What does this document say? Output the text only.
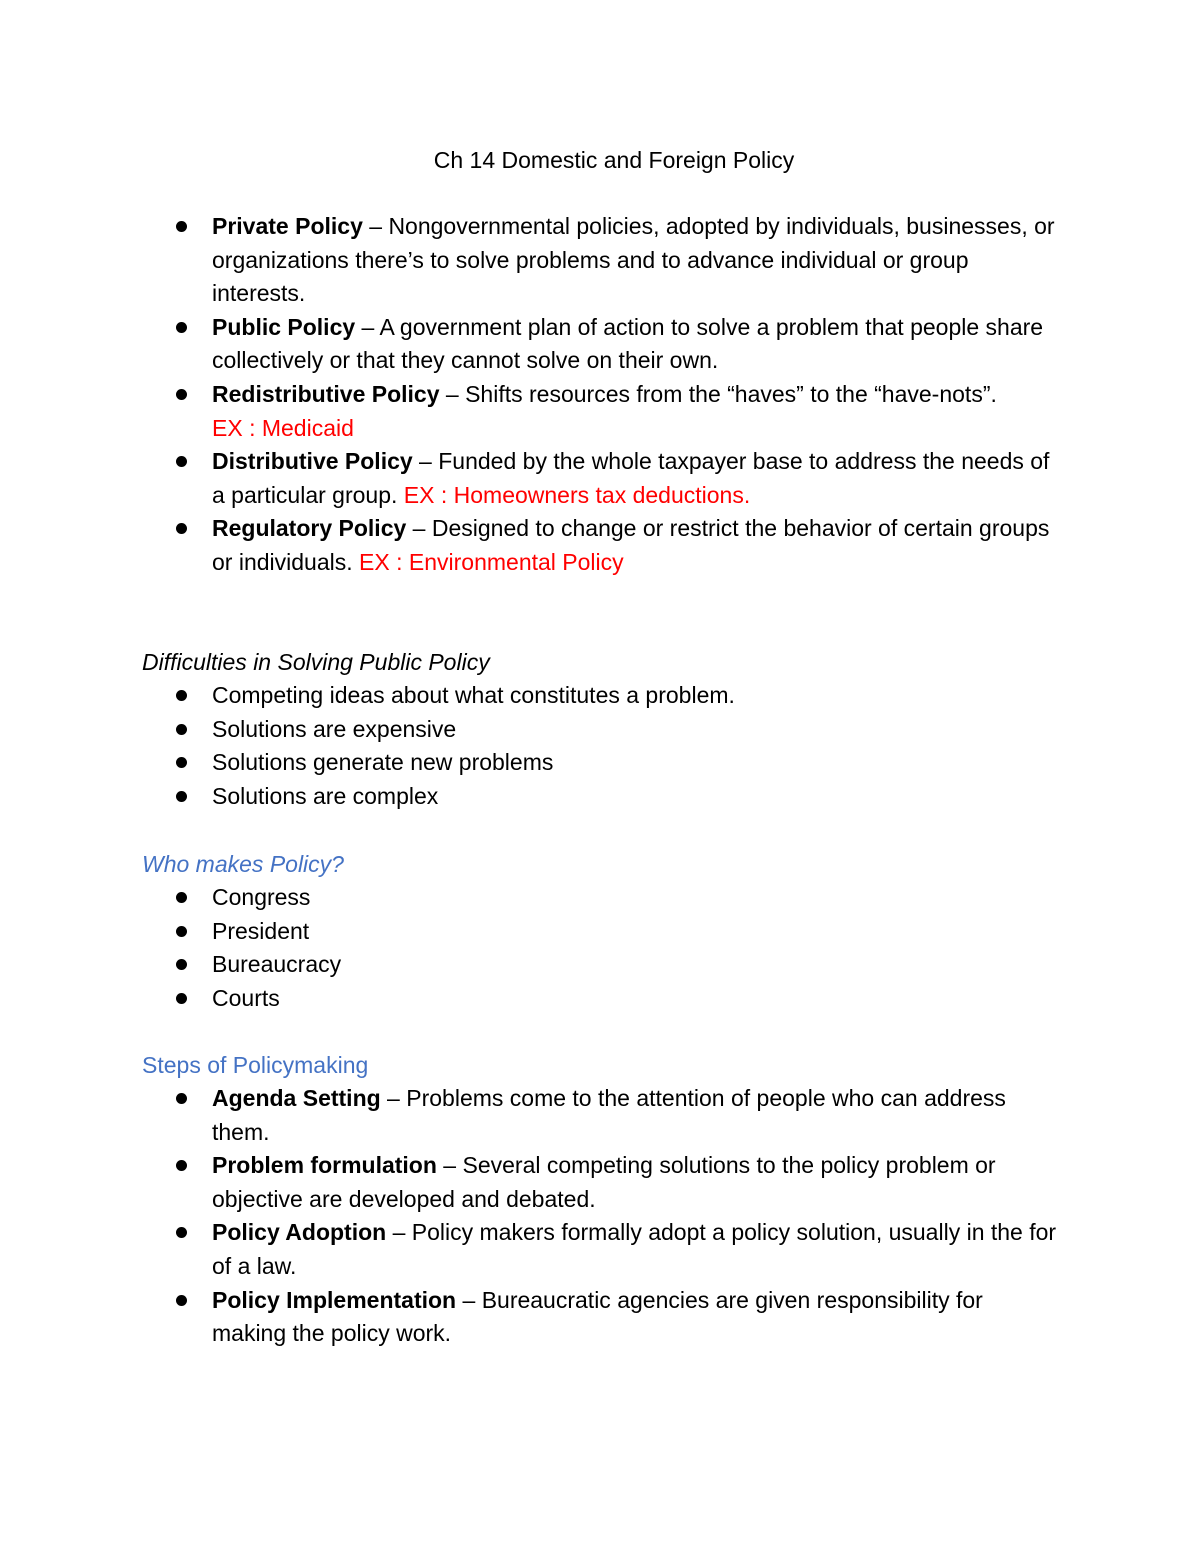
Ch 14 Domestic and Foreign Policy
Private Policy – Nongovernmental policies, adopted by individuals, businesses, or organizations there’s to solve problems and to advance individual or group interests.
Public Policy – A government plan of action to solve a problem that people share collectively or that they cannot solve on their own.
Redistributive Policy – Shifts resources from the “haves” to the “have-nots”.
EX : Medicaid
Distributive Policy – Funded by the whole taxpayer base to address the needs of a particular group. EX : Homeowners tax deductions.
Regulatory Policy – Designed to change or restrict the behavior of certain groups or individuals. EX : Environmental Policy
Difficulties in Solving Public Policy
Competing ideas about what constitutes a problem.
Solutions are expensive
Solutions generate new problems
Solutions are complex
Who makes Policy?
Congress
President
Bureaucracy
Courts
Steps of Policymaking
Agenda Setting – Problems come to the attention of people who can address them.
Problem formulation – Several competing solutions to the policy problem or objective are developed and debated.
Policy Adoption – Policy makers formally adopt a policy solution, usually in the for of a law.
Policy Implementation – Bureaucratic agencies are given responsibility for making the policy work.
